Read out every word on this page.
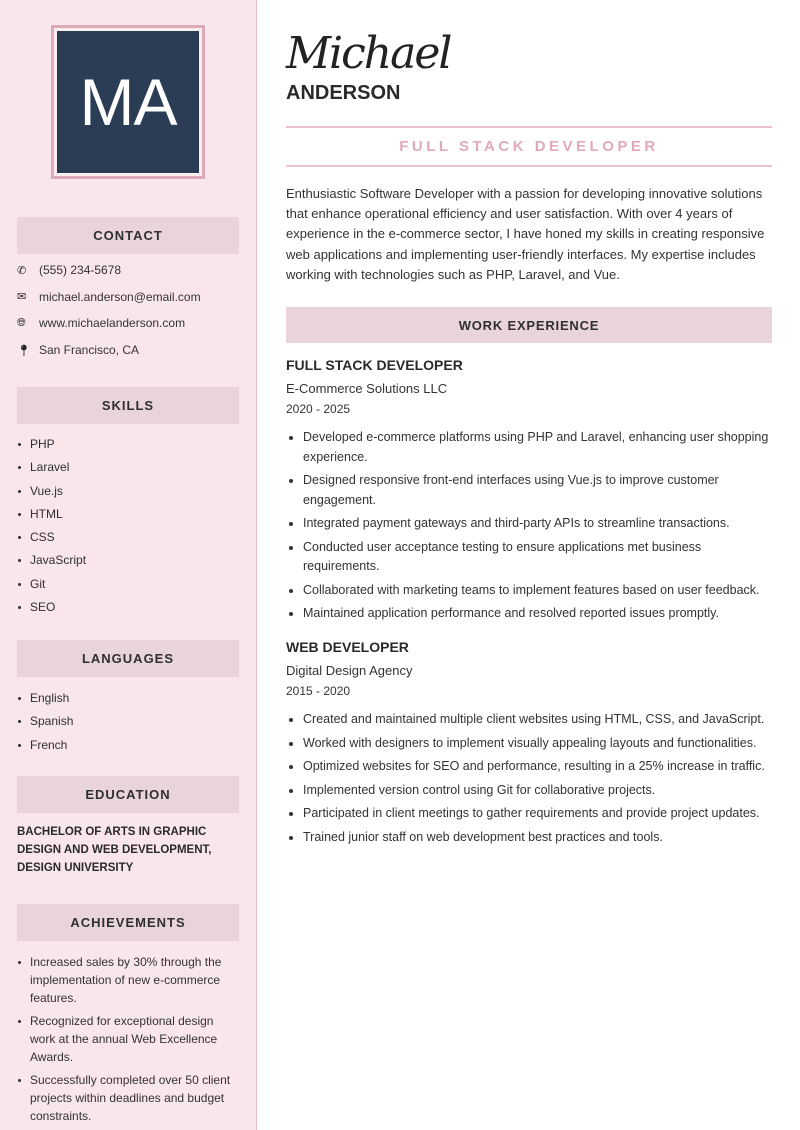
MA
CONTACT
✆	(555) 234-5678
✉	michael.anderson@email.com
🌐︎	www.michaelanderson.com
📍︎ San Francisco, CA
SKILLS
PHP
Laravel
Vue.js
HTML
CSS
JavaScript
Git
SEO
LANGUAGES
English
Spanish
French
EDUCATION
BACHELOR OF ARTS IN GRAPHIC DESIGN AND WEB DEVELOPMENT, DESIGN UNIVERSITY
ACHIEVEMENTS
Increased sales by 30% through the implementation of new e-commerce features.
Recognized for exceptional design work at the annual Web Excellence Awards.
Successfully completed over 50 client projects within deadlines and budget constraints.
Michael
ANDERSON
FULL STACK DEVELOPER
Enthusiastic Software Developer with a passion for developing innovative solutions that enhance operational efficiency and user satisfaction. With over 4 years of experience in the e-commerce sector, I have honed my skills in creating responsive web applications and implementing user-friendly interfaces. My expertise includes working with technologies such as PHP, Laravel, and Vue.
WORK EXPERIENCE
FULL STACK DEVELOPER
E-Commerce Solutions LLC
2020 - 2025
Developed e-commerce platforms using PHP and Laravel, enhancing user shopping experience.
Designed responsive front-end interfaces using Vue.js to improve customer engagement.
Integrated payment gateways and third-party APIs to streamline transactions.
Conducted user acceptance testing to ensure applications met business requirements.
Collaborated with marketing teams to implement features based on user feedback.
Maintained application performance and resolved reported issues promptly.
WEB DEVELOPER
Digital Design Agency
2015 - 2020
Created and maintained multiple client websites using HTML, CSS, and JavaScript.
Worked with designers to implement visually appealing layouts and functionalities.
Optimized websites for SEO and performance, resulting in a 25% increase in traffic.
Implemented version control using Git for collaborative projects.
Participated in client meetings to gather requirements and provide project updates.
Trained junior staff on web development best practices and tools.
